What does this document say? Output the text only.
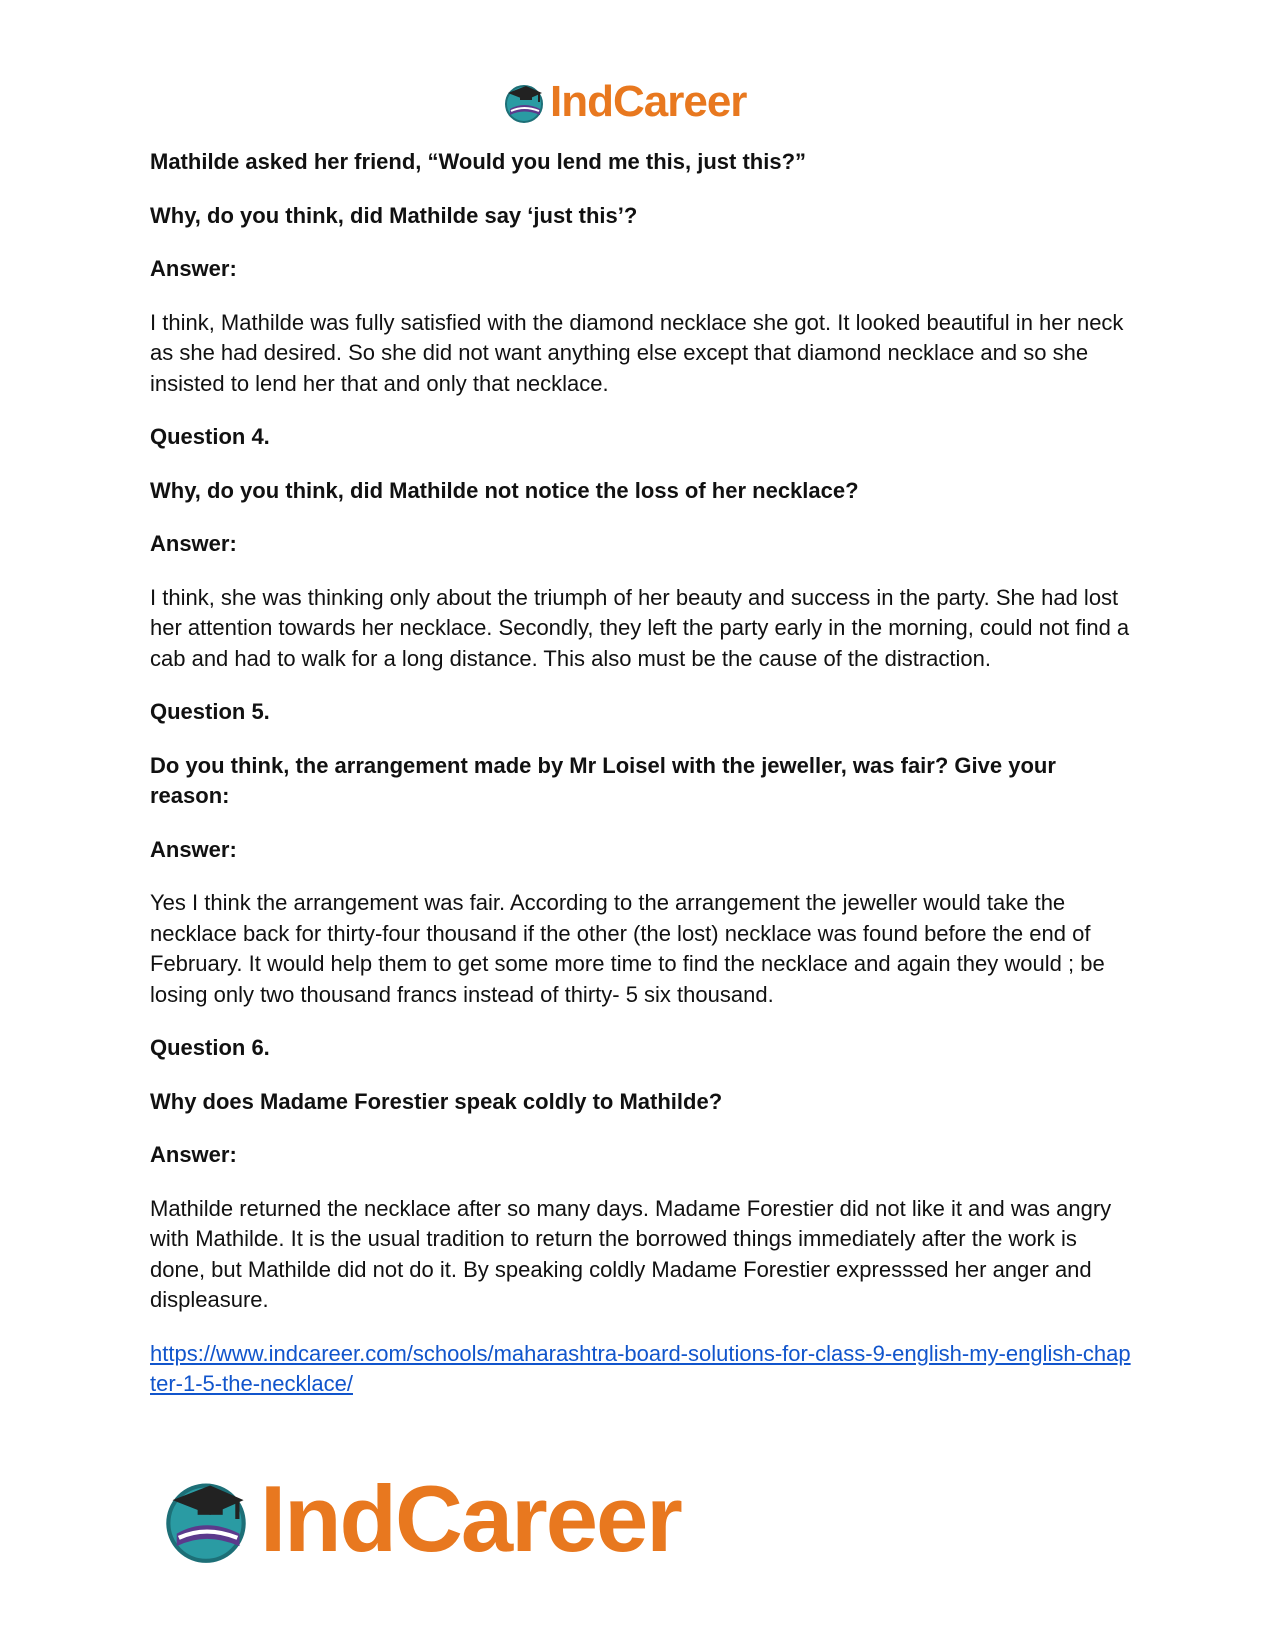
IndCareer

Mathilde asked her friend, “Would you lend me this, just this?”

Why, do you think, did Mathilde say ‘just this’?

Answer:

I think, Mathilde was fully satisfied with the diamond necklace she got. It looked beautiful in her neck as she had desired. So she did not want anything else except that diamond necklace and so she insisted to lend her that and only that necklace.

Question 4.

Why, do you think, did Mathilde not notice the loss of her necklace?

Answer:

I think, she was thinking only about the triumph of her beauty and success in the party. She had lost her attention towards her necklace. Secondly, they left the party early in the morning, could not find a cab and had to walk for a long distance. This also must be the cause of the distraction.

Question 5.

Do you think, the arrangement made by Mr Loisel with the jeweller, was fair? Give your reason:

Answer:

Yes I think the arrangement was fair. According to the arrangement the jeweller would take the necklace back for thirty-four thousand if the other (the lost) necklace was found before the end of February. It would help them to get some more time to find the necklace and again they would ; be losing only two thousand francs instead of thirty- 5 six thousand.

Question 6.

Why does Madame Forestier speak coldly to Mathilde?

Answer:

Mathilde returned the necklace after so many days. Madame Forestier did not like it and was angry with Mathilde. It is the usual tradition to return the borrowed things immediately after the work is done, but Mathilde did not do it. By speaking coldly Madame Forestier expresssed her anger and displeasure.

https://www.indcareer.com/schools/maharashtra-board-solutions-for-class-9-english-my-english-chapter-1-5-the-necklace/
IndCareer
